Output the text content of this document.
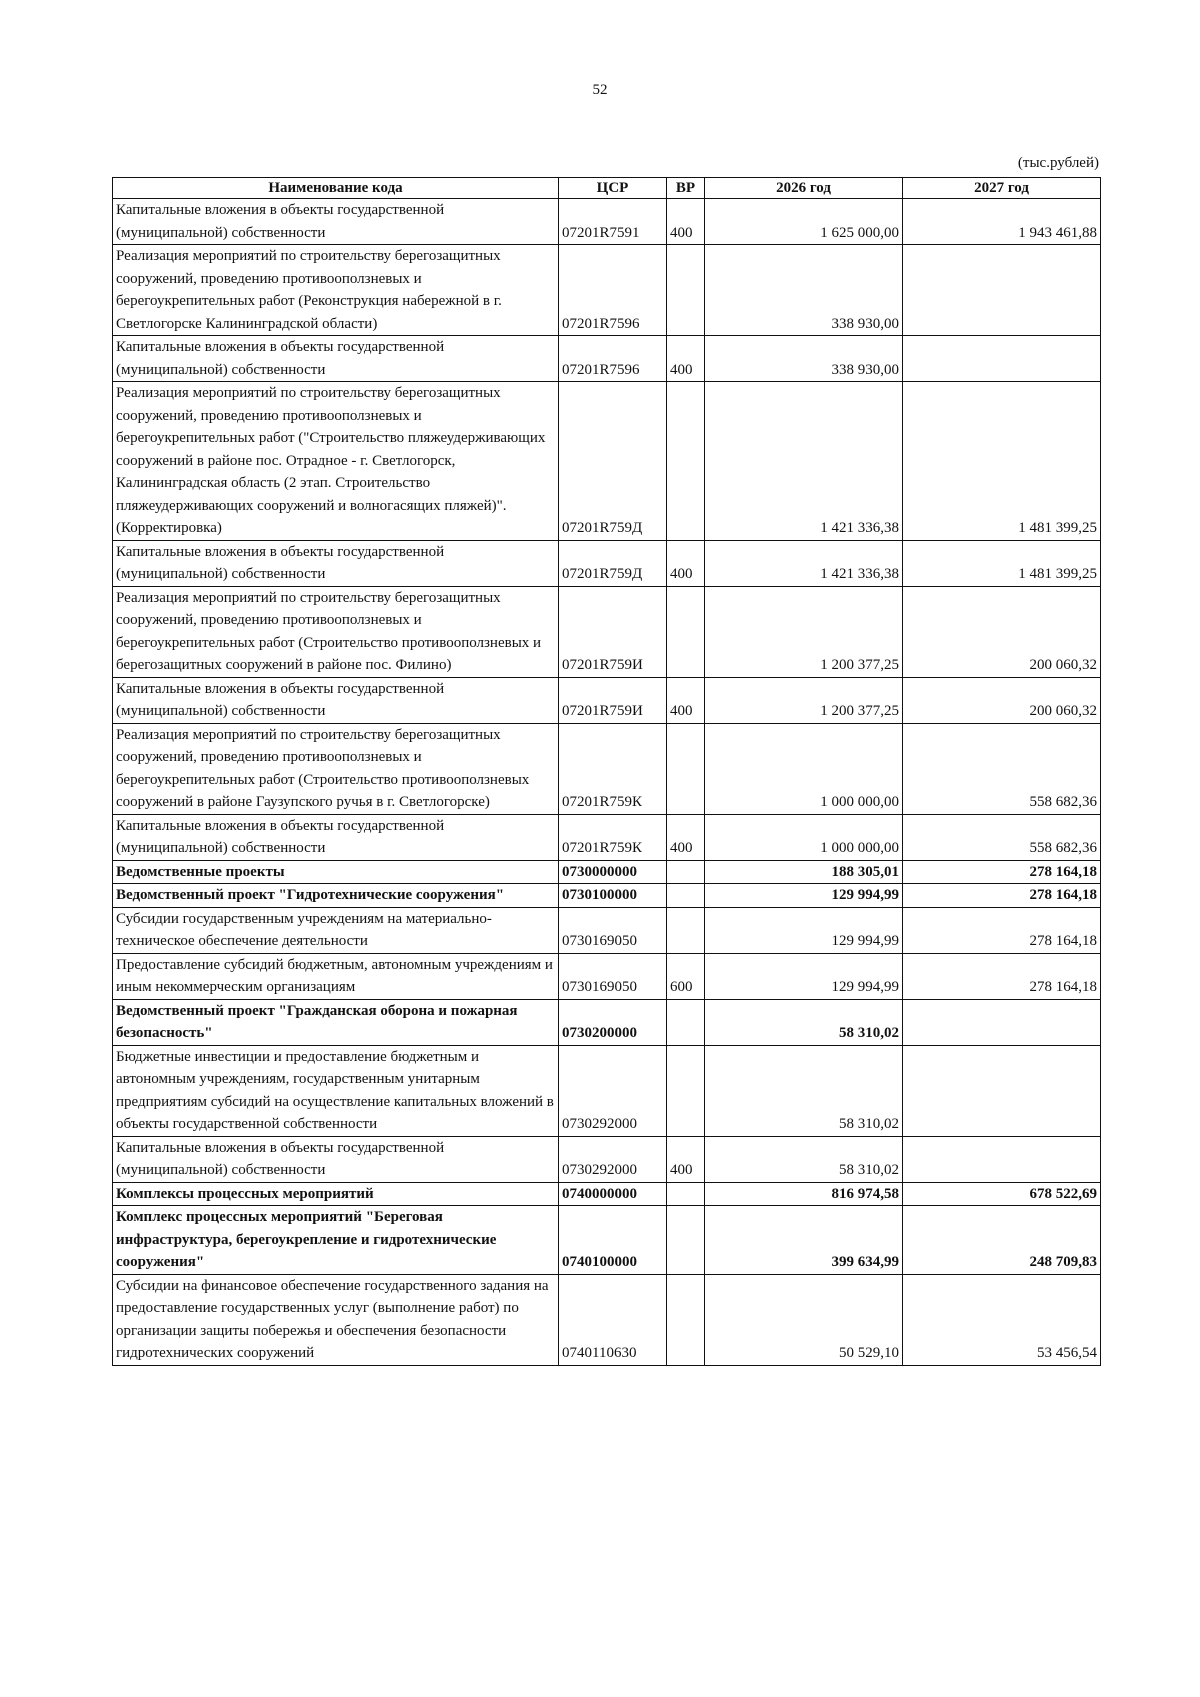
52
(тыс.рублей)
Наименование кода	ЦСР	ВР	2026 год	2027 год
Капитальные вложения в объекты государственной (муниципальной) собственности	07201R7591	400	1 625 000,00	1 943 461,88
Реализация мероприятий по строительству берегозащитных сооружений, проведению противооползневых и берегоукрепительных работ (Реконструкция набережной в г. Светлогорске Калининградской области)	07201R7596		338 930,00	
Капитальные вложения в объекты государственной (муниципальной) собственности	07201R7596	400	338 930,00	
Реализация мероприятий по строительству берегозащитных сооружений, проведению противооползневых и берегоукрепительных работ ("Строительство пляжеудерживающих сооружений в районе пос. Отрадное - г. Светлогорск, Калининградская область (2 этап. Строительство пляжеудерживающих сооружений и волногасящих пляжей)". (Корректировка)	07201R759Д		1 421 336,38	1 481 399,25
Капитальные вложения в объекты государственной (муниципальной) собственности	07201R759Д	400	1 421 336,38	1 481 399,25
Реализация мероприятий по строительству берегозащитных сооружений, проведению противооползневых и берегоукрепительных работ (Строительство противооползневых и берегозащитных сооружений в районе пос. Филино)	07201R759И		1 200 377,25	200 060,32
Капитальные вложения в объекты государственной (муниципальной) собственности	07201R759И	400	1 200 377,25	200 060,32
Реализация мероприятий по строительству берегозащитных сооружений, проведению противооползневых и берегоукрепительных работ (Строительство противооползневых сооружений в районе Гаузупского ручья в г. Светлогорске)	07201R759К		1 000 000,00	558 682,36
Капитальные вложения в объекты государственной (муниципальной) собственности	07201R759К	400	1 000 000,00	558 682,36
Ведомственные проекты	0730000000		188 305,01	278 164,18
Ведомственный проект "Гидротехнические сооружения"	0730100000		129 994,99	278 164,18
Субсидии государственным учреждениям на материально-техническое обеспечение деятельности	0730169050		129 994,99	278 164,18
Предоставление субсидий бюджетным, автономным учреждениям и иным некоммерческим организациям	0730169050	600	129 994,99	278 164,18
Ведомственный проект "Гражданская оборона и пожарная безопасность"	0730200000		58 310,02	
Бюджетные инвестиции и предоставление бюджетным и автономным учреждениям, государственным унитарным предприятиям субсидий на осуществление капитальных вложений в объекты государственной собственности	0730292000		58 310,02	
Капитальные вложения в объекты государственной (муниципальной) собственности	0730292000	400	58 310,02	
Комплексы процессных мероприятий	0740000000		816 974,58	678 522,69
Комплекс процессных мероприятий "Береговая инфраструктура, берегоукрепление и гидротехнические сооружения"	0740100000		399 634,99	248 709,83
Субсидии на финансовое обеспечение государственного задания на предоставление государственных услуг (выполнение работ) по организации защиты побережья и обеспечения безопасности гидротехнических сооружений	0740110630		50 529,10	53 456,54
